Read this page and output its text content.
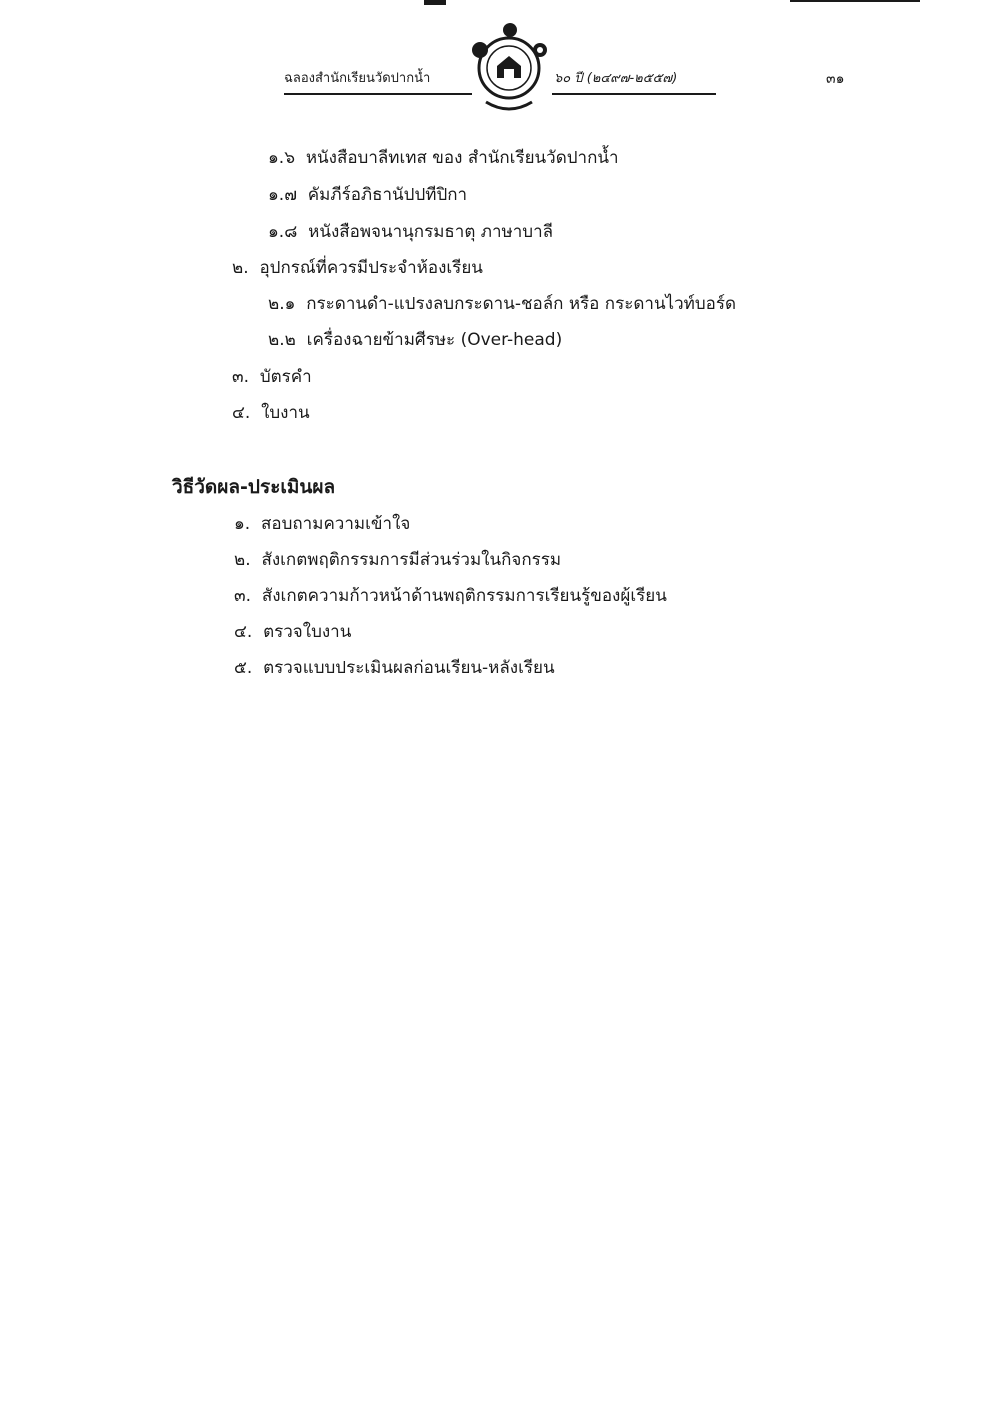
ฉลองสำนักเรียนวัดปากน้ำ	๖๐ ปี (๒๔๙๗-๒๕๕๗)	๓๑
๑.๖ หนังสือบาลีทเทส ของ สำนักเรียนวัดปากน้ำ
๑.๗ คัมภีร์อภิธานัปปทีปิกา
๑.๘ หนังสือพจนานุกรมธาตุ ภาษาบาลี
๒. อุปกรณ์ที่ควรมีประจำห้องเรียน
๒.๑ กระดานดำ-แปรงลบกระดาน-ชอล์ก หรือ กระดานไวท์บอร์ด
๒.๒ เครื่องฉายข้ามศีรษะ (Over-head)
๓. บัตรคำ
๔. ใบงาน
วิธีวัดผล-ประเมินผล
๑. สอบถามความเข้าใจ
๒. สังเกตพฤติกรรมการมีส่วนร่วมในกิจกรรม
๓. สังเกตความก้าวหน้าด้านพฤติกรรมการเรียนรู้ของผู้เรียน
๔. ตรวจใบงาน
๕. ตรวจแบบประเมินผลก่อนเรียน-หลังเรียน
